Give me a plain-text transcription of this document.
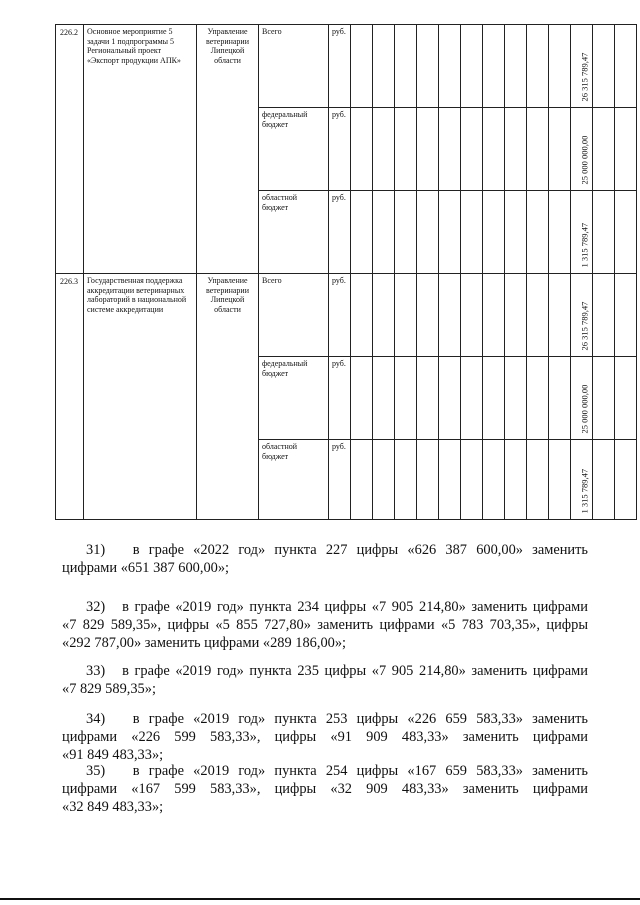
226.2	Основное мероприятие 5 задачи 1 подпрограммы 5 Региональный проект «Экспорт продукции АПК»	Управление ветеринарии Липецкой области	Всего	руб.											26 315 789,47			

			федеральный бюджет	руб.											25 000 000,00			

			областной бюджет	руб.											1 315 789,47			

226.3	Государственная поддержка аккредитации ветеринарных лабораторий в национальной системе аккредитации	Управление ветеринарии Липецкой области	Всего	руб.											26 315 789,47			

			федеральный бюджет	руб.											25 000 000,00			

			областной бюджет	руб.											1 315 789,47			

31)   в графе «2022 год» пункта 227 цифры «626 387 600,00» заменить
цифрами «651 387 600,00»;

32)   в графе «2019 год» пункта 234 цифры «7 905 214,80» заменить цифрами
«7 829 589,35», цифры «5 855 727,80» заменить цифрами «5 783 703,35», цифры
«292 787,00» заменить цифрами «289 186,00»;

33)   в графе «2019 год» пункта 235 цифры «7 905 214,80» заменить цифрами
«7 829 589,35»;

34)   в графе «2019 год» пункта 253 цифры «226 659 583,33» заменить
цифрами «226 599 583,33», цифры «91 909 483,33» заменить цифрами
«91 849 483,33»;

35)   в графе «2019 год» пункта 254 цифры «167 659 583,33» заменить
цифрами «167 599 583,33», цифры «32 909 483,33» заменить цифрами
«32 849 483,33»;
